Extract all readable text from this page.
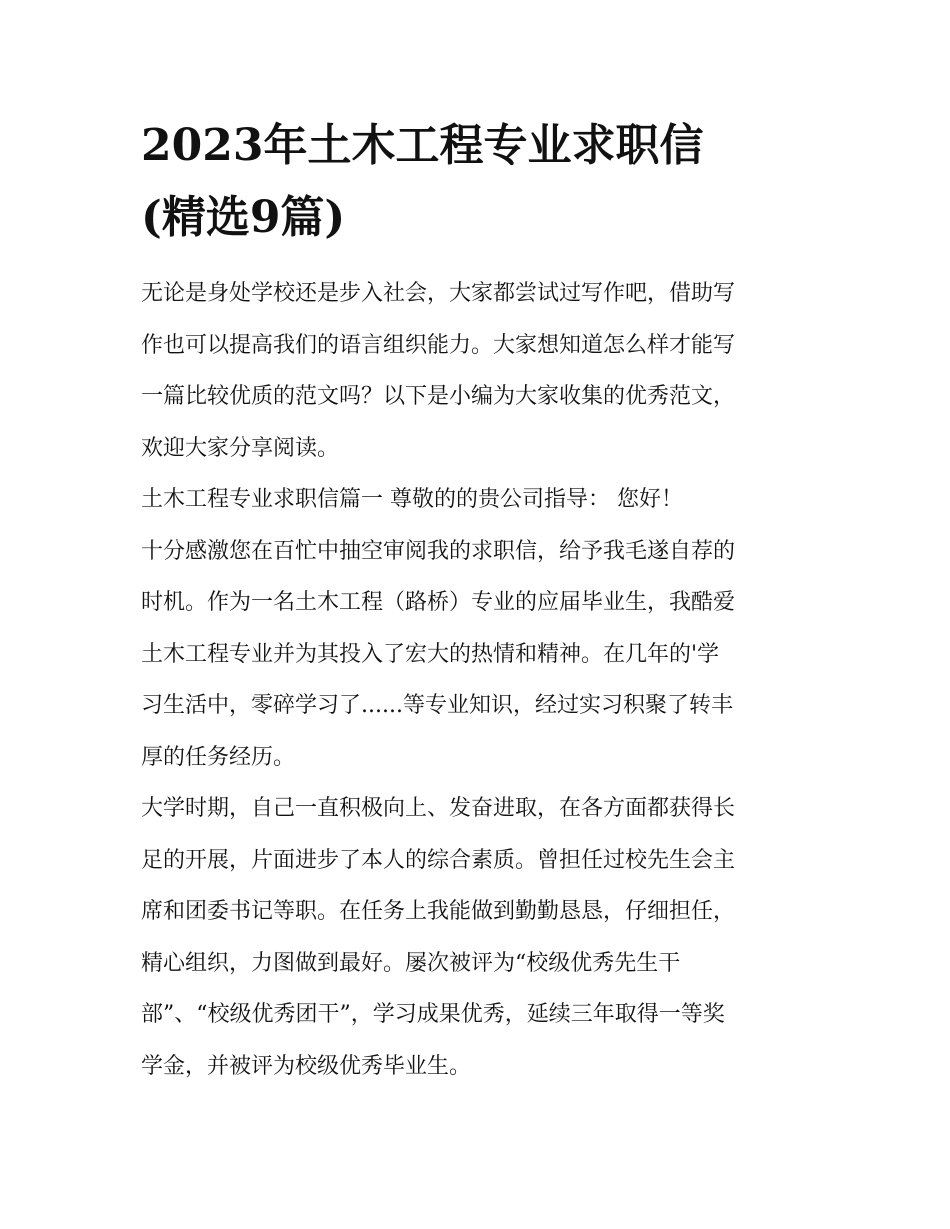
2023年土木工程专业求职信
(精选9篇)

无论是身处学校还是步入社会，大家都尝试过写作吧，借助写
作也可以提高我们的语言组织能力。大家想知道怎么样才能写
一篇比较优质的范文吗？以下是小编为大家收集的优秀范文，
欢迎大家分享阅读。

土木工程专业求职信篇一 尊敬的的贵公司指导： 您好！

十分感激您在百忙中抽空审阅我的求职信，给予我毛遂自荐的
时机。作为一名土木工程（路桥）专业的应届毕业生，我酷爱
土木工程专业并为其投入了宏大的热情和精神。在几年的'学
习生活中，零碎学习了......等专业知识，经过实习积聚了转丰
厚的任务经历。

大学时期，自己一直积极向上、发奋进取，在各方面都获得长
足的开展，片面进步了本人的综合素质。曾担任过校先生会主
席和团委书记等职。在任务上我能做到勤勤恳恳，仔细担任，
精心组织，力图做到最好。屡次被评为“校级优秀先生干
部”、“校级优秀团干”，学习成果优秀，延续三年取得一等奖
学金，并被评为校级优秀毕业生。
